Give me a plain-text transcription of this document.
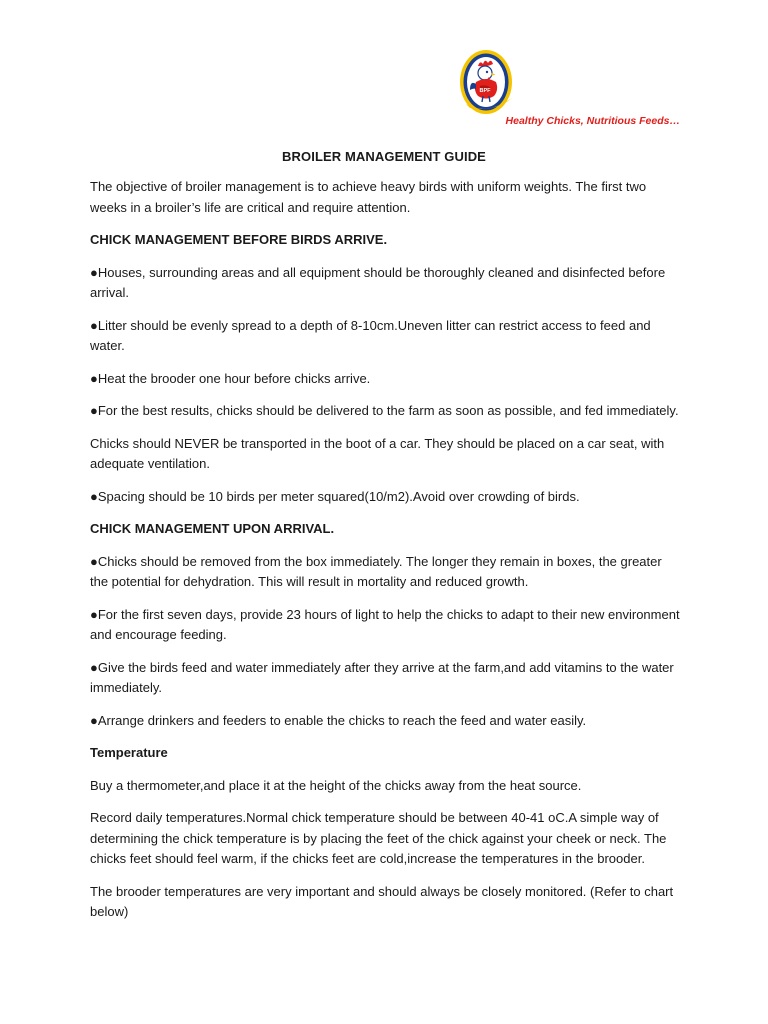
BPF
Healthy Chicks, Nutritious Feeds…
BROILER MANAGEMENT GUIDE

The objective of broiler management is to achieve heavy birds with uniform weights. The first two weeks in a broiler’s life are critical and require attention.

CHICK MANAGEMENT BEFORE BIRDS ARRIVE.

●Houses, surrounding areas and all equipment should be thoroughly cleaned and disinfected before arrival.

●Litter should be evenly spread to a depth of 8-10cm.Uneven litter can restrict access to feed and water.

●Heat the brooder one hour before chicks arrive.

●For the best results, chicks should be delivered to the farm as soon as possible, and fed immediately.

Chicks should NEVER be transported in the boot of a car. They should be placed on a car seat, with adequate ventilation.

●Spacing should be 10 birds per meter squared(10/m2).Avoid over crowding of birds.

CHICK MANAGEMENT UPON ARRIVAL.

●Chicks should be removed from the box immediately. The longer they remain in boxes, the greater the potential for dehydration. This will result in mortality and reduced growth.

●For the first seven days, provide 23 hours of light to help the chicks to adapt to their new environment and encourage feeding.

●Give the birds feed and water immediately after they arrive at the farm,and add vitamins to the water immediately.

●Arrange drinkers and feeders to enable the chicks to reach the feed and water easily.

Temperature

Buy a thermometer,and place it at the height of the chicks away from the heat source.

Record daily temperatures.Normal chick temperature should be between 40-41 oC.A simple way of determining the chick temperature is by placing the feet of the chick against your cheek or neck. The chicks feet should feel warm, if the chicks feet are cold,increase the temperatures in the brooder.

The brooder temperatures are very important and should always be closely monitored. (Refer to chart below)
